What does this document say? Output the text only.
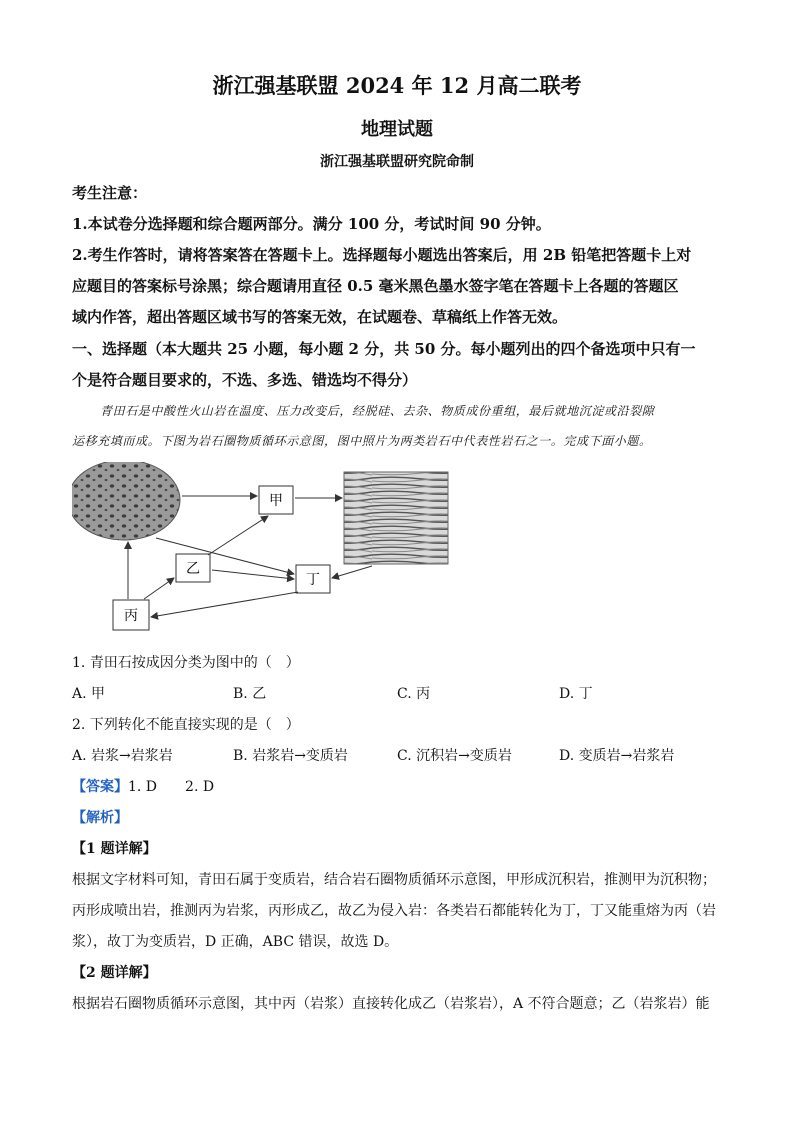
浙江强基联盟 2024 年 12 月高二联考
地理试题
浙江强基联盟研究院命制
考生注意：
1.本试卷分选择题和综合题两部分。满分 100 分，考试时间 90 分钟。
2.考生作答时，请将答案答在答题卡上。选择题每小题选出答案后，用 2B 铅笔把答题卡上对
应题目的答案标号涂黑；综合题请用直径 0.5 毫米黑色墨水签字笔在答题卡上各题的答题区
域内作答，超出答题区域书写的答案无效，在试题卷、草稿纸上作答无效。
一、选择题（本大题共 25 小题，每小题 2 分，共 50 分。每小题列出的四个备选项中只有一
个是符合题目要求的，不选、多选、错选均不得分）
青田石是中酸性火山岩在温度、压力改变后，经脱硅、去杂、物质成份重组，最后就地沉淀或沿裂隙
运移充填而成。下图为岩石圈物质循环示意图，图中照片为两类岩石中代表性岩石之一。完成下面小题。
甲
乙
丁
丙
1. 青田石按成因分类为图中的（　）
A. 甲	B. 乙	C. 丙	D. 丁
2. 下列转化不能直接实现的是（　）
A. 岩浆→岩浆岩	B. 岩浆岩→变质岩	C. 沉积岩→变质岩	D. 变质岩→岩浆岩
【答案】1. D　　2. D
【解析】
【1 题详解】
根据文字材料可知，青田石属于变质岩，结合岩石圈物质循环示意图，甲形成沉积岩，推测甲为沉积物；
丙形成喷出岩，推测丙为岩浆，丙形成乙，故乙为侵入岩：各类岩石都能转化为丁，丁又能重熔为丙（岩
浆），故丁为变质岩，D 正确，ABC 错误，故选 D。
【2 题详解】
根据岩石圈物质循环示意图，其中丙（岩浆）直接转化成乙（岩浆岩），A 不符合题意；乙（岩浆岩）能
